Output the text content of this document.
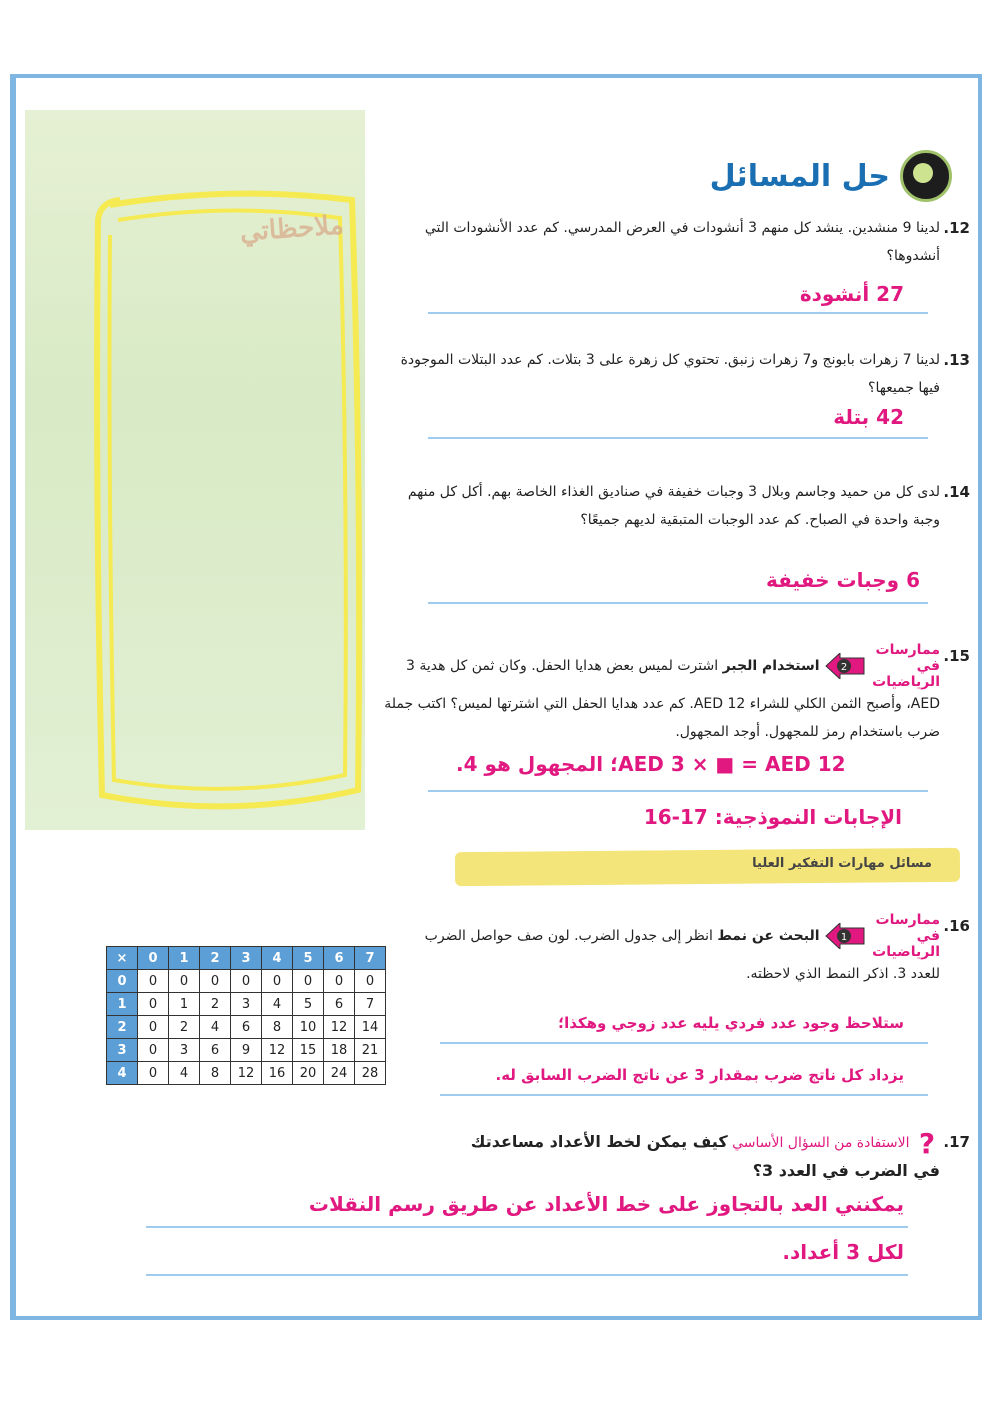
ملاحظاتي
حل المسائل
12.
لدينا 9 منشدين. ينشد كل منهم 3 أنشودات في العرض المدرسي. كم عدد الأنشودات التي أنشدوها؟
27 أنشودة
13.
لدينا 7 زهرات بابونج و7 زهرات زنبق. تحتوي كل زهرة على 3 بتلات. كم عدد البتلات الموجودة فيها جميعها؟
42 بتلة
14.
لدى كل من حميد وجاسم وبلال 3 وجبات خفيفة في صناديق الغذاء الخاصة بهم. أكل كل منهم وجبة واحدة في الصباح. كم عدد الوجبات المتبقية لديهم جميعًا؟
6 وجبات خفيفة
15.
ممارسات في الرياضيات
2
استخدام الجبر اشترت لميس بعض هدايا الحفل. وكان ثمن كل هدية 3 AED، وأصبح الثمن الكلي للشراء 12 AED. كم عدد هدايا الحفل التي اشترتها لميس؟ اكتب جملة ضرب باستخدام رمز للمجهول. أوجد المجهول.
AED 3 × ■ = AED 12؛ المجهول هو 4.
الإجابات النموذجية: 17-16
مسائل مهارات التفكير العليا
16.
ممارسات في الرياضيات
1
البحث عن نمط انظر إلى جدول الضرب. لون صف حواصل الضرب للعدد 3. اذكر النمط الذي لاحظته.
ستلاحظ وجود عدد فردي يليه عدد زوجي وهكذا؛
يزداد كل ناتج ضرب بمقدار 3 عن ناتج الضرب السابق له.
×	0	1	2	3	4	5	6	7
0	0	0	0	0	0	0	0	0
1	0	1	2	3	4	5	6	7
2	0	2	4	6	8	10	12	14
3	0	3	6	9	12	15	18	21
4	0	4	8	12	16	20	24	28
17.
?
الاستفادة من السؤال الأساسي كيف يمكن لخط الأعداد مساعدتك في الضرب في العدد 3؟
يمكنني العد بالتجاوز على خط الأعداد عن طريق رسم النقلات
لكل 3 أعداد.
